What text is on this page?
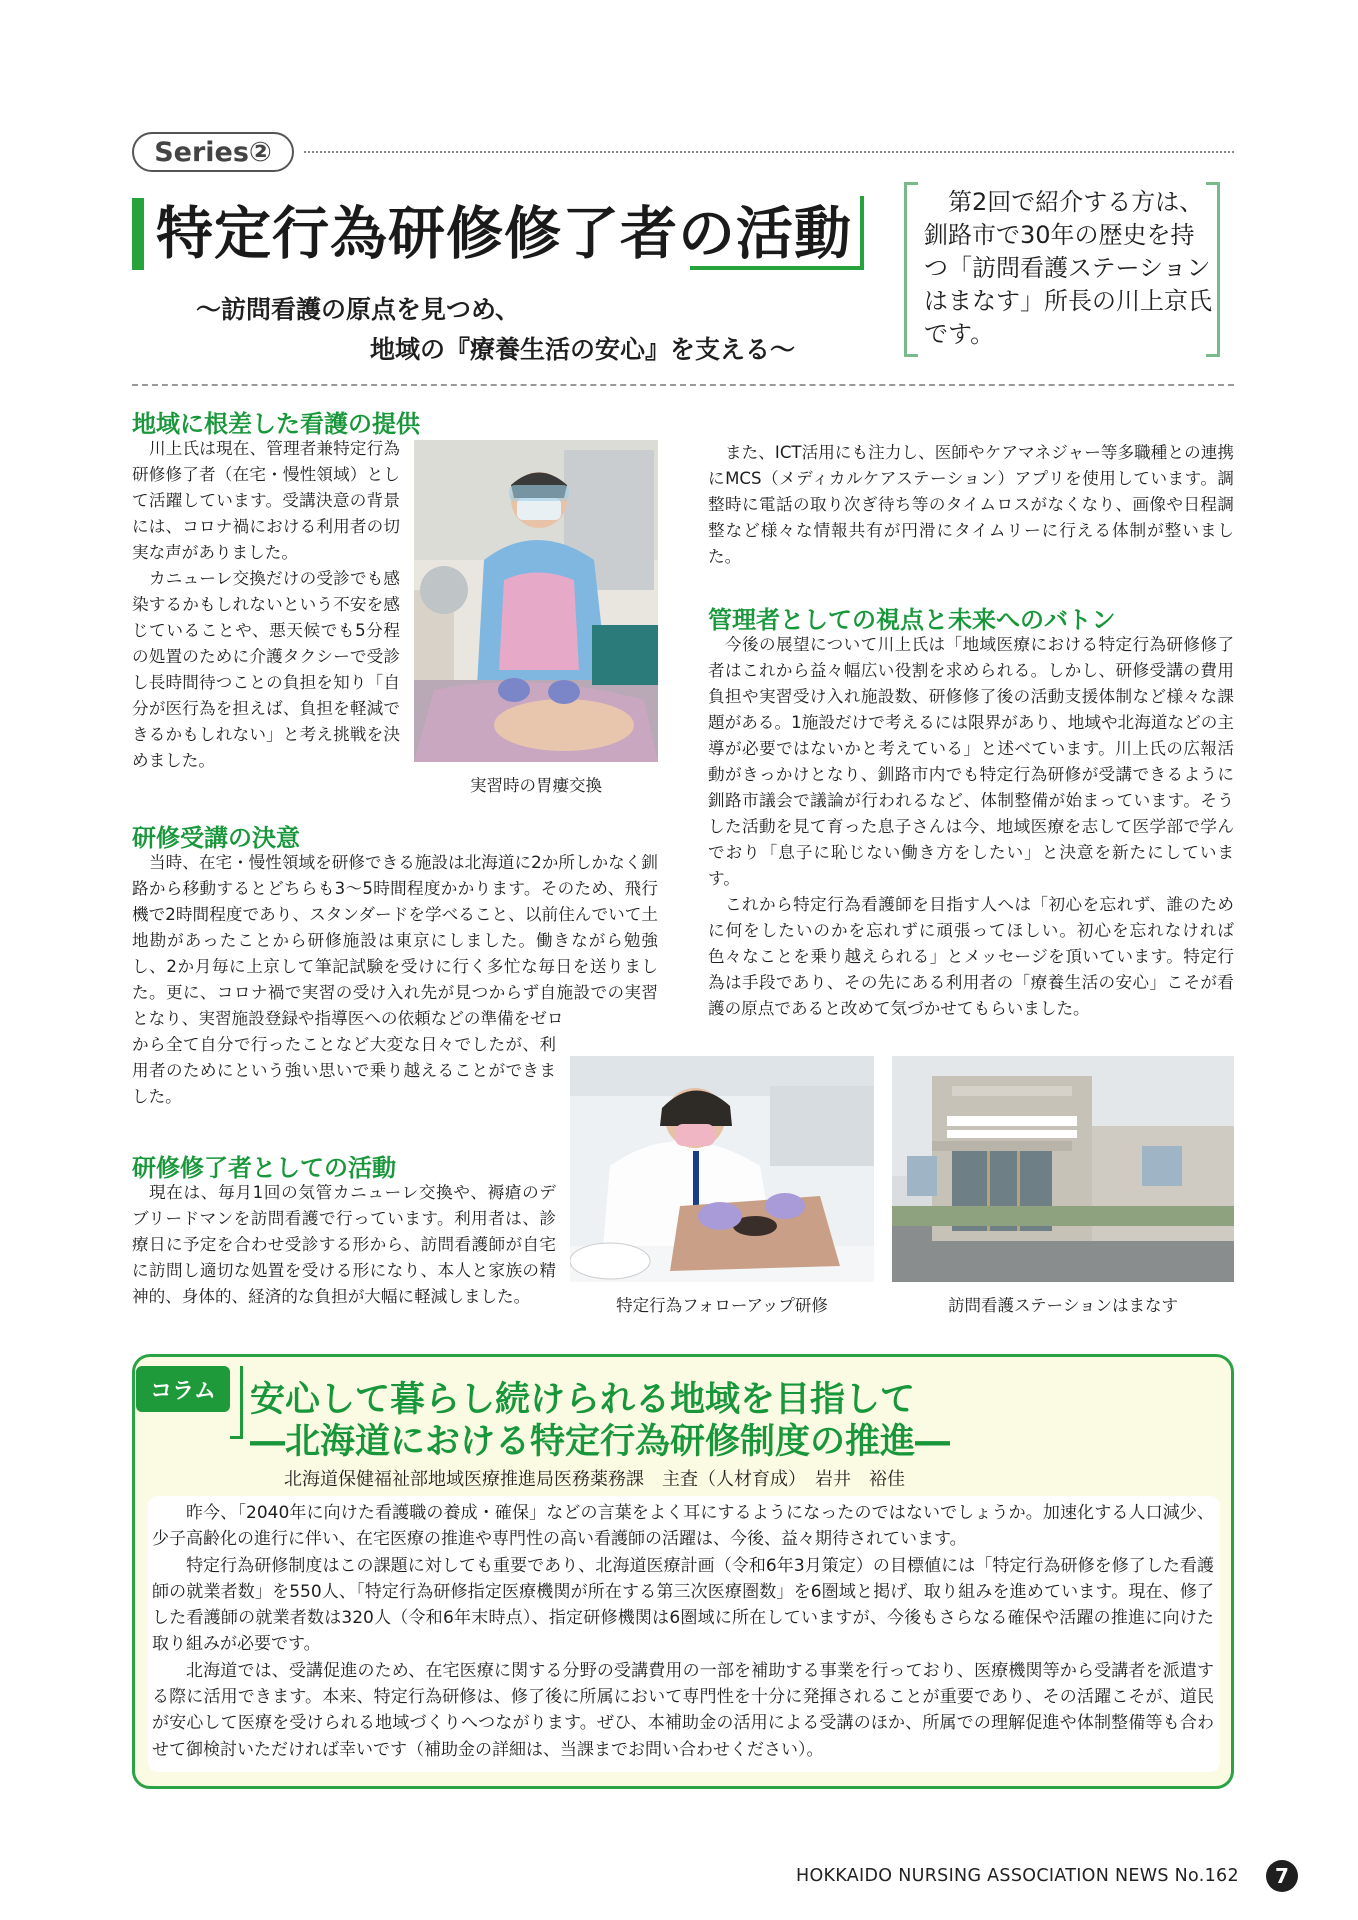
Series②
特定行為研修修了者の活動
～訪問看護の原点を見つめ、
地域の『療養生活の安心』を支える～
第2回で紹介する方は、釧路市で30年の歴史を持つ「訪問看護ステーションはまなす」所長の川上京氏です。
地域に根差した看護の提供

川上氏は現在、管理者兼特定行為研修修了者（在宅・慢性領域）として活躍しています。受講決意の背景には、コロナ禍における利用者の切実な声がありました。

カニューレ交換だけの受診でも感染するかもしれないという不安を感じていることや、悪天候でも5分程の処置のために介護タクシーで受診し長時間待つことの負担を知り「自分が医行為を担えば、負担を軽減できるかもしれない」と考え挑戦を決めました。

実習時の胃瘻交換
研修受講の決意

当時、在宅・慢性領域を研修できる施設は北海道に2か所しかなく釧路から移動するとどちらも3～5時間程度かかります。そのため、飛行機で2時間程度であり、スタンダードを学べること、以前住んでいて土地勘があったことから研修施設は東京にしました。働きながら勉強し、2か月毎に上京して筆記試験を受けに行く多忙な毎日を送りました。更に、コロナ禍で実習の受け入れ先が見つからず自施設での実習となり、実習施設登録や指導医への依頼などの準備をゼロ

から全て自分で行ったことなど大変な日々でしたが、利用者のためにという強い思いで乗り越えることができました。

研修修了者としての活動

現在は、毎月1回の気管カニューレ交換や、褥瘡のデブリードマンを訪問看護で行っています。利用者は、診療日に予定を合わせ受診する形から、訪問看護師が自宅に訪問し適切な処置を受ける形になり、本人と家族の精神的、身体的、経済的な負担が大幅に軽減しました。

また、ICT活用にも注力し、医師やケアマネジャー等多職種との連携にMCS（メディカルケアステーション）アプリを使用しています。調整時に電話の取り次ぎ待ち等のタイムロスがなくなり、画像や日程調整など様々な情報共有が円滑にタイムリーに行える体制が整いました。

管理者としての視点と未来へのバトン

今後の展望について川上氏は「地域医療における特定行為研修修了者はこれから益々幅広い役割を求められる。しかし、研修受講の費用負担や実習受け入れ施設数、研修修了後の活動支援体制など様々な課題がある。1施設だけで考えるには限界があり、地域や北海道などの主導が必要ではないかと考えている」と述べています。川上氏の広報活動がきっかけとなり、釧路市内でも特定行為研修が受講できるように釧路市議会で議論が行われるなど、体制整備が始まっています。そうした活動を見て育った息子さんは今、地域医療を志して医学部で学んでおり「息子に恥じない働き方をしたい」と決意を新たにしています。

これから特定行為看護師を目指す人へは「初心を忘れず、誰のために何をしたいのかを忘れずに頑張ってほしい。初心を忘れなければ色々なことを乗り越えられる」とメッセージを頂いています。特定行為は手段であり、その先にある利用者の「療養生活の安心」こそが看護の原点であると改めて気づかせてもらいました。

特定行為フォローアップ研修	訪問看護ステーションはまなす
コラム 安心して暮らし続けられる地域を目指して
―北海道における特定行為研修制度の推進―
北海道保健福祉部地域医療推進局医務薬務課　主査（人材育成）　岩井　裕佳

昨今、「2040年に向けた看護職の養成・確保」などの言葉をよく耳にするようになったのではないでしょうか。加速化する人口減少、少子高齢化の進行に伴い、在宅医療の推進や専門性の高い看護師の活躍は、今後、益々期待されています。

特定行為研修制度はこの課題に対しても重要であり、北海道医療計画（令和6年3月策定）の目標値には「特定行為研修を修了した看護師の就業者数」を550人、「特定行為研修指定医療機関が所在する第三次医療圏数」を6圏域と掲げ、取り組みを進めています。現在、修了した看護師の就業者数は320人（令和6年末時点）、指定研修機関は6圏域に所在していますが、今後もさらなる確保や活躍の推進に向けた取り組みが必要です。

北海道では、受講促進のため、在宅医療に関する分野の受講費用の一部を補助する事業を行っており、医療機関等から受講者を派遣する際に活用できます。本来、特定行為研修は、修了後に所属において専門性を十分に発揮されることが重要であり、その活躍こそが、道民が安心して医療を受けられる地域づくりへつながります。ぜひ、本補助金の活用による受講のほか、所属での理解促進や体制整備等も合わせて御検討いただければ幸いです（補助金の詳細は、当課までお問い合わせください）。

HOKKAIDO NURSING ASSOCIATION NEWS No.162	7
